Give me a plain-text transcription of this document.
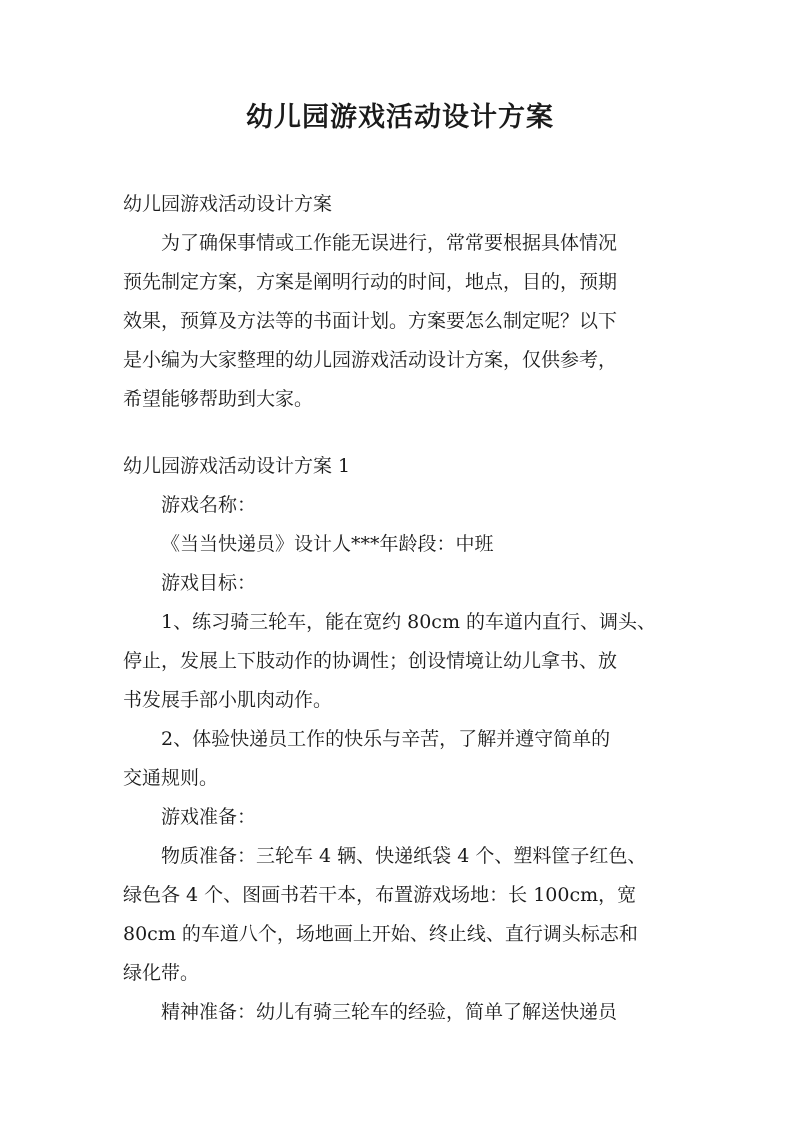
幼儿园游戏活动设计方案

幼儿园游戏活动设计方案

为了确保事情或工作能无误进行，常常要根据具体情况

预先制定方案，方案是阐明行动的时间，地点，目的，预期

效果，预算及方法等的书面计划。方案要怎么制定呢？以下

是小编为大家整理的幼儿园游戏活动设计方案，仅供参考，

希望能够帮助到大家。

幼儿园游戏活动设计方案 1

游戏名称：

《当当快递员》设计人***年龄段：中班

游戏目标：

1、练习骑三轮车，能在宽约 80cm 的车道内直行、调头、

停止，发展上下肢动作的协调性；创设情境让幼儿拿书、放

书发展手部小肌肉动作。

2、体验快递员工作的快乐与辛苦，了解并遵守简单的

交通规则。

游戏准备：

物质准备：三轮车 4 辆、快递纸袋 4 个、塑料筐子红色、

绿色各 4 个、图画书若干本，布置游戏场地：长 100cm，宽

80cm 的车道八个，场地画上开始、终止线、直行调头标志和

绿化带。

精神准备：幼儿有骑三轮车的经验，简单了解送快递员
